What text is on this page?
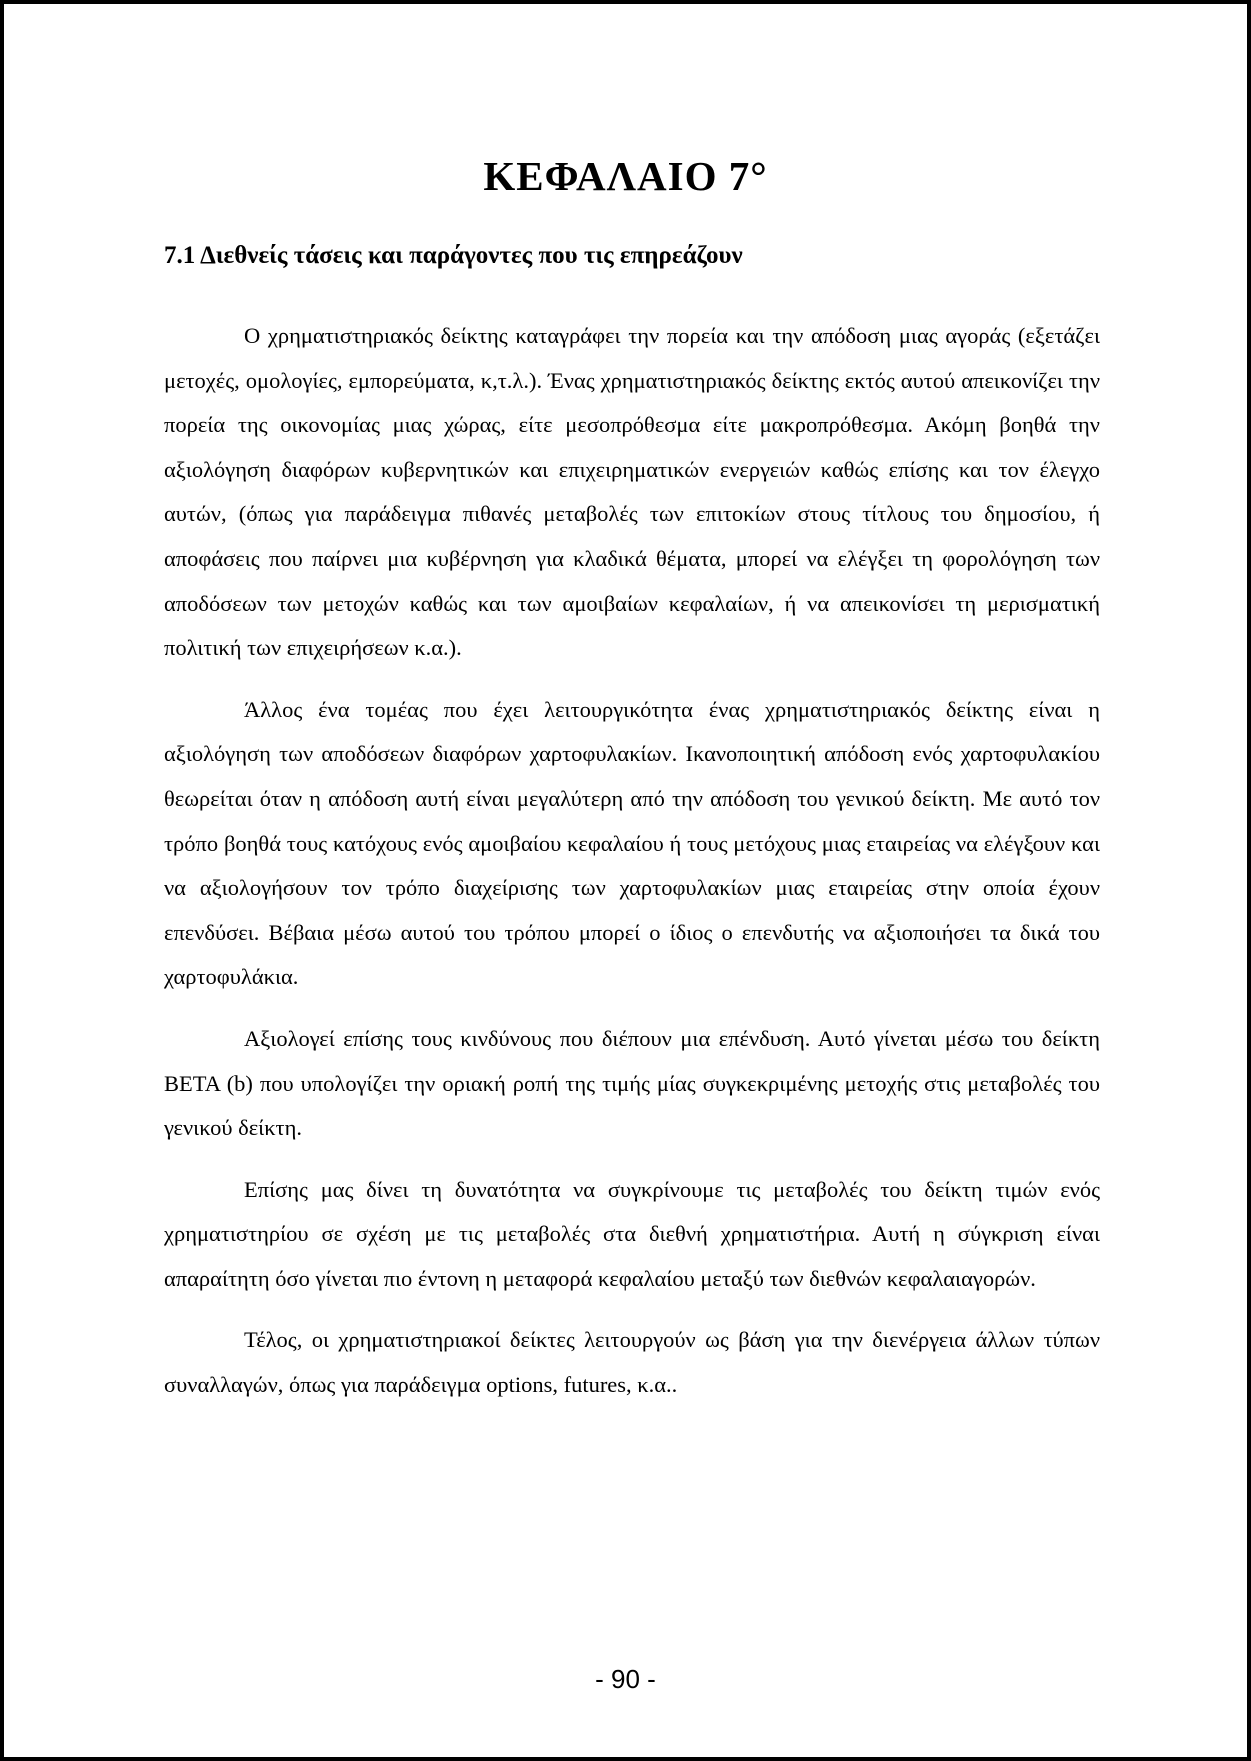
ΚΕΦΑΛΑΙΟ 7°
7.1 Διεθνείς τάσεις και παράγοντες που τις επηρεάζουν

Ο χρηματιστηριακός δείκτης καταγράφει την πορεία και την απόδοση μιας αγοράς (εξετάζει μετοχές, ομολογίες, εμπορεύματα, κ,τ.λ.). Ένας χρηματιστηριακός δείκτης εκτός αυτού απεικονίζει την πορεία της οικονομίας μιας χώρας, είτε μεσοπρόθεσμα είτε μακροπρόθεσμα. Ακόμη βοηθά την αξιολόγηση διαφόρων κυβερνητικών και επιχειρηματικών ενεργειών καθώς επίσης και τον έλεγχο αυτών, (όπως για παράδειγμα πιθανές μεταβολές των επιτοκίων στους τίτλους του δημοσίου, ή αποφάσεις που παίρνει μια κυβέρνηση για κλαδικά θέματα, μπορεί να ελέγξει τη φορολόγηση των αποδόσεων των μετοχών καθώς και των αμοιβαίων κεφαλαίων, ή να απεικονίσει τη μερισματική πολιτική των επιχειρήσεων κ.α.).

Άλλος ένα τομέας που έχει λειτουργικότητα ένας χρηματιστηριακός δείκτης είναι η αξιολόγηση των αποδόσεων διαφόρων χαρτοφυλακίων. Ικανοποιητική απόδοση ενός χαρτοφυλακίου θεωρείται όταν η απόδοση αυτή είναι μεγαλύτερη από την απόδοση του γενικού δείκτη. Με αυτό τον τρόπο βοηθά τους κατόχους ενός αμοιβαίου κεφαλαίου ή τους μετόχους μιας εταιρείας να ελέγξουν και να αξιολογήσουν τον τρόπο διαχείρισης των χαρτοφυλακίων μιας εταιρείας στην οποία έχουν επενδύσει. Βέβαια μέσω αυτού του τρόπου μπορεί ο ίδιος ο επενδυτής να αξιοποιήσει τα δικά του χαρτοφυλάκια.

Αξιολογεί επίσης τους κινδύνους που διέπουν μια επένδυση. Αυτό γίνεται μέσω του δείκτη ΒΕΤΑ (b) που υπολογίζει την οριακή ροπή της τιμής μίας συγκεκριμένης μετοχής στις μεταβολές του γενικού δείκτη.

Επίσης μας δίνει τη δυνατότητα να συγκρίνουμε τις μεταβολές του δείκτη τιμών ενός χρηματιστηρίου σε σχέση με τις μεταβολές στα διεθνή χρηματιστήρια. Αυτή η σύγκριση είναι απαραίτητη όσο γίνεται πιο έντονη η μεταφορά κεφαλαίου μεταξύ των διεθνών κεφαλαιαγορών.

Τέλος, οι χρηματιστηριακοί δείκτες λειτουργούν ως βάση για την διενέργεια άλλων τύπων συναλλαγών, όπως για παράδειγμα options, futures, κ.α..

- 90 -
